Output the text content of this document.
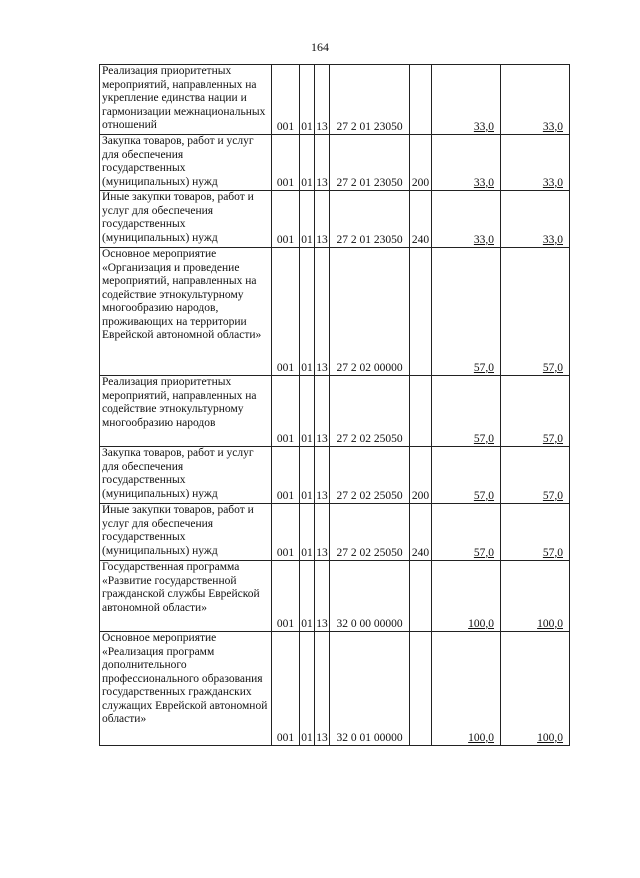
164
Реализация приоритетных мероприятий, направленных на укрепление единства нации и гармонизации межнациональных отношений	001	01	13	27 2 01 23050		33,0	33,0

Закупка товаров, работ и услуг для обеспечения государственных (муниципальных) нужд	001	01	13	27 2 01 23050	200	33,0	33,0

Иные закупки товаров, работ и услуг для обеспечения государственных (муниципальных) нужд	001	01	13	27 2 01 23050	240	33,0	33,0

Основное мероприятие «Организация и проведение мероприятий, направленных на содействие этнокультурному многообразию народов, проживающих на территории Еврейской автономной области»	001	01	13	27 2 02 00000		57,0	57,0

Реализация приоритетных мероприятий, направленных на содействие этнокультурному многообразию народов	001	01	13	27 2 02 25050		57,0	57,0

Закупка товаров, работ и услуг для обеспечения государственных (муниципальных) нужд	001	01	13	27 2 02 25050	200	57,0	57,0

Иные закупки товаров, работ и услуг для обеспечения государственных (муниципальных) нужд	001	01	13	27 2 02 25050	240	57,0	57,0

Государственная программа «Развитие государственной гражданской службы Еврейской автономной области»	001	01	13	32 0 00 00000		100,0	100,0

Основное мероприятие «Реализация программ дополнительного профессионального образования государственных гражданских служащих Еврейской автономной области»	001	01	13	32 0 01 00000		100,0	100,0
